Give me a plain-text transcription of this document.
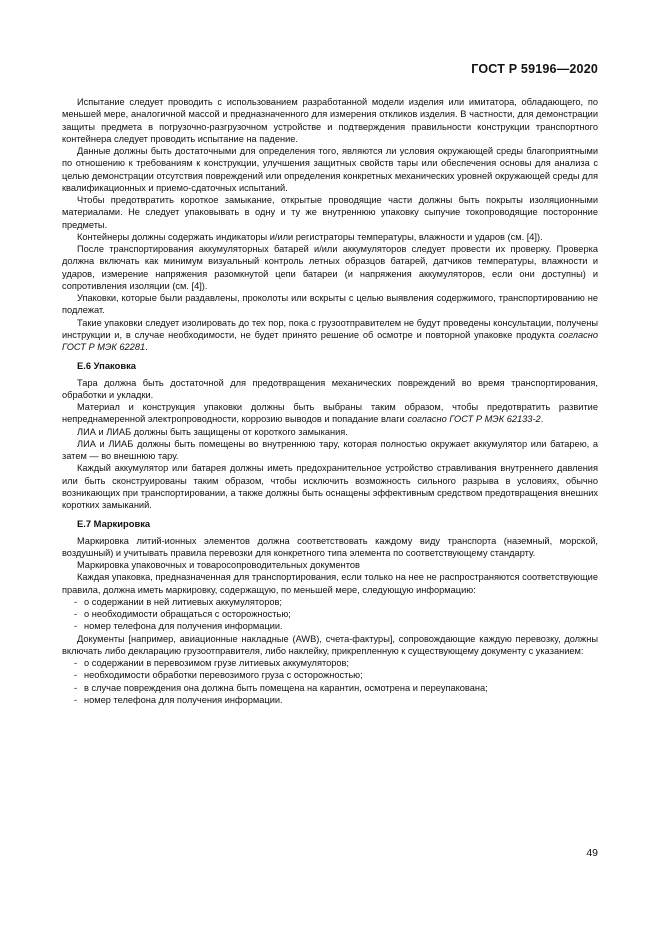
ГОСТ Р 59196—2020

Испытание следует проводить с использованием разработанной модели изделия или имитатора, обладающего, по меньшей мере, аналогичной массой и предназначенного для измерения откликов изделия. В частности, для демонстрации защиты предмета в погрузочно-разгрузочном устройстве и подтверждения правильности конструкции транспортного контейнера следует проводить испытание на падение.

Данные должны быть достаточными для определения того, являются ли условия окружающей среды благоприятными по отношению к требованиям к конструкции, улучшения защитных свойств тары или обеспечения основы для анализа с целью демонстрации отсутствия повреждений или определения конкретных механических уровней окружающей среды для квалификационных и приемо-сдаточных испытаний.

Чтобы предотвратить короткое замыкание, открытые проводящие части должны быть покрыты изоляционными материалами. Не следует упаковывать в одну и ту же внутреннюю упаковку сыпучие токопроводящие посторонние предметы.

Контейнеры должны содержать индикаторы и/или регистраторы температуры, влажности и ударов (см. [4]).

После транспортирования аккумуляторных батарей и/или аккумуляторов следует провести их проверку. Проверка должна включать как минимум визуальный контроль летных образцов батарей, датчиков температуры, влажности и ударов, измерение напряжения разомкнутой цепи батареи (и напряжения аккумуляторов, если они доступны) и сопротивления изоляции (см. [4]).

Упаковки, которые были раздавлены, проколоты или вскрыты с целью выявления содержимого, транспортированию не подлежат.

Такие упаковки следует изолировать до тех пор, пока с грузоотправителем не будут проведены консультации, получены инструкции и, в случае необходимости, не будет принято решение об осмотре и повторной упаковке продукта согласно ГОСТ Р МЭК 62281.

Е.6 Упаковка

Тара должна быть достаточной для предотвращения механических повреждений во время транспортирования, обработки и укладки.

Материал и конструкция упаковки должны быть выбраны таким образом, чтобы предотвратить развитие непреднамеренной электропроводности, коррозию выводов и попадание влаги согласно ГОСТ Р МЭК 62133-2.

ЛИА и ЛИАБ должны быть защищены от короткого замыкания.

ЛИА и ЛИАБ должны быть помещены во внутреннюю тару, которая полностью окружает аккумулятор или батарею, а затем — во внешнюю тару.

Каждый аккумулятор или батарея должны иметь предохранительное устройство стравливания внутреннего давления или быть сконструированы таким образом, чтобы исключить возможность сильного разрыва в условиях, обычно возникающих при транспортировании, а также должны быть оснащены эффективным средством предотвращения внешних коротких замыканий.

Е.7 Маркировка

Маркировка литий-ионных элементов должна соответствовать каждому виду транспорта (наземный, морской, воздушный) и учитывать правила перевозки для конкретного типа элемента по соответствующему стандарту.

Маркировка упаковочных и товаросопроводительных документов

Каждая упаковка, предназначенная для транспортирования, если только на нее не распространяются соответствующие правила, должна иметь маркировку, содержащую, по меньшей мере, следующую информацию:

- о содержании в ней литиевых аккумуляторов;
- о необходимости обращаться с осторожностью;
- номер телефона для получения информации.

Документы [например, авиационные накладные (AWB), счета-фактуры], сопровождающие каждую перевозку, должны включать либо декларацию грузоотправителя, либо наклейку, прикрепленную к существующему документу с указанием:

- о содержании в перевозимом грузе литиевых аккумуляторов;
- необходимости обработки перевозимого груза с осторожностью;
- в случае повреждения она должна быть помещена на карантин, осмотрена и переупакована;
- номер телефона для получения информации.
49
